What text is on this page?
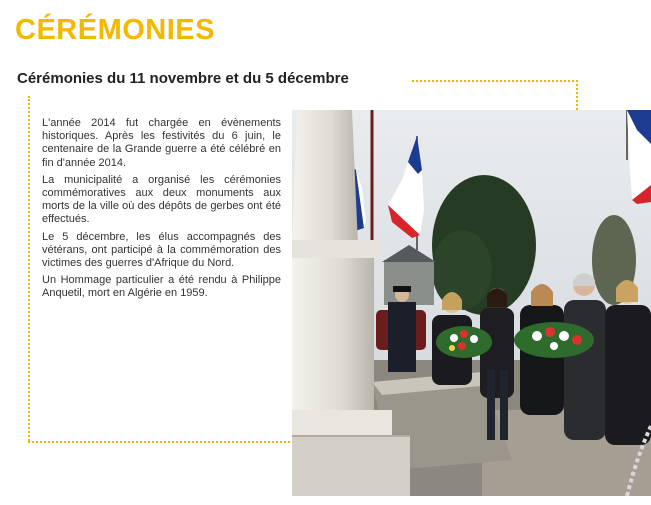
CÉRÉMONIES
Cérémonies du 11 novembre et du 5 décembre

L'année 2014 fut chargée en évènements historiques. Après les festivités du 6 juin, le centenaire de la Grande guerre a été célébré en fin d'année 2014.

La municipalité a organisé les cérémonies commémoratives aux deux monuments aux morts de la ville où des dépôts de gerbes ont été effectués.

Le 5 décembre, les élus accompagnés des vétérans, ont participé à la commémoration des victimes des guerres d'Afrique du Nord.

Un Hommage particulier a été rendu à Philippe Anquetil, mort en Algérie en 1959.
